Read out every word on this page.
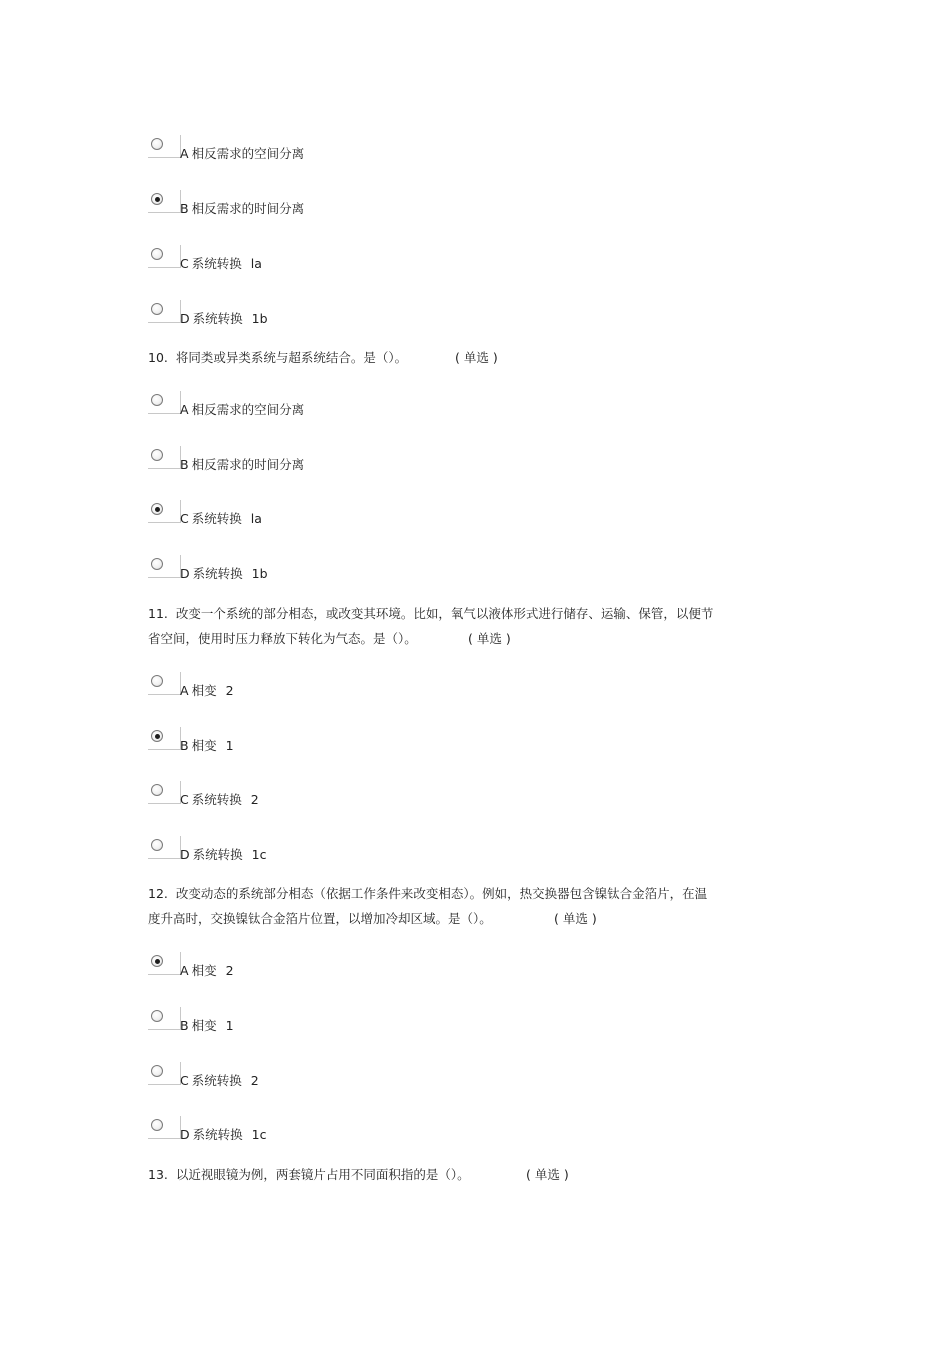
A 相反需求的空间分离
B 相反需求的时间分离
C 系统转换 la
D 系统转换 1b
10. 将同类或异类系统与超系统结合。是（）。	( 单选 )
A 相反需求的空间分离
B 相反需求的时间分离
C 系统转换 la
D 系统转换 1b
11. 改变一个系统的部分相态，或改变其环境。比如，氧气以液体形式进行储存、运输、保管，以便节
省空间，使用时压力释放下转化为气态。是（）。	( 单选 )
A 相变 2
B 相变 1
C 系统转换 2
D 系统转换 1c
12. 改变动态的系统部分相态（依据工作条件来改变相态）。例如，热交换器包含镍钛合金箔片，在温
度升高时，交换镍钛合金箔片位置，以增加冷却区域。是（）。	( 单选 )
A 相变 2
B 相变 1
C 系统转换 2
D 系统转换 1c
13. 以近视眼镜为例，两套镜片占用不同面积指的是（）。	( 单选 )
